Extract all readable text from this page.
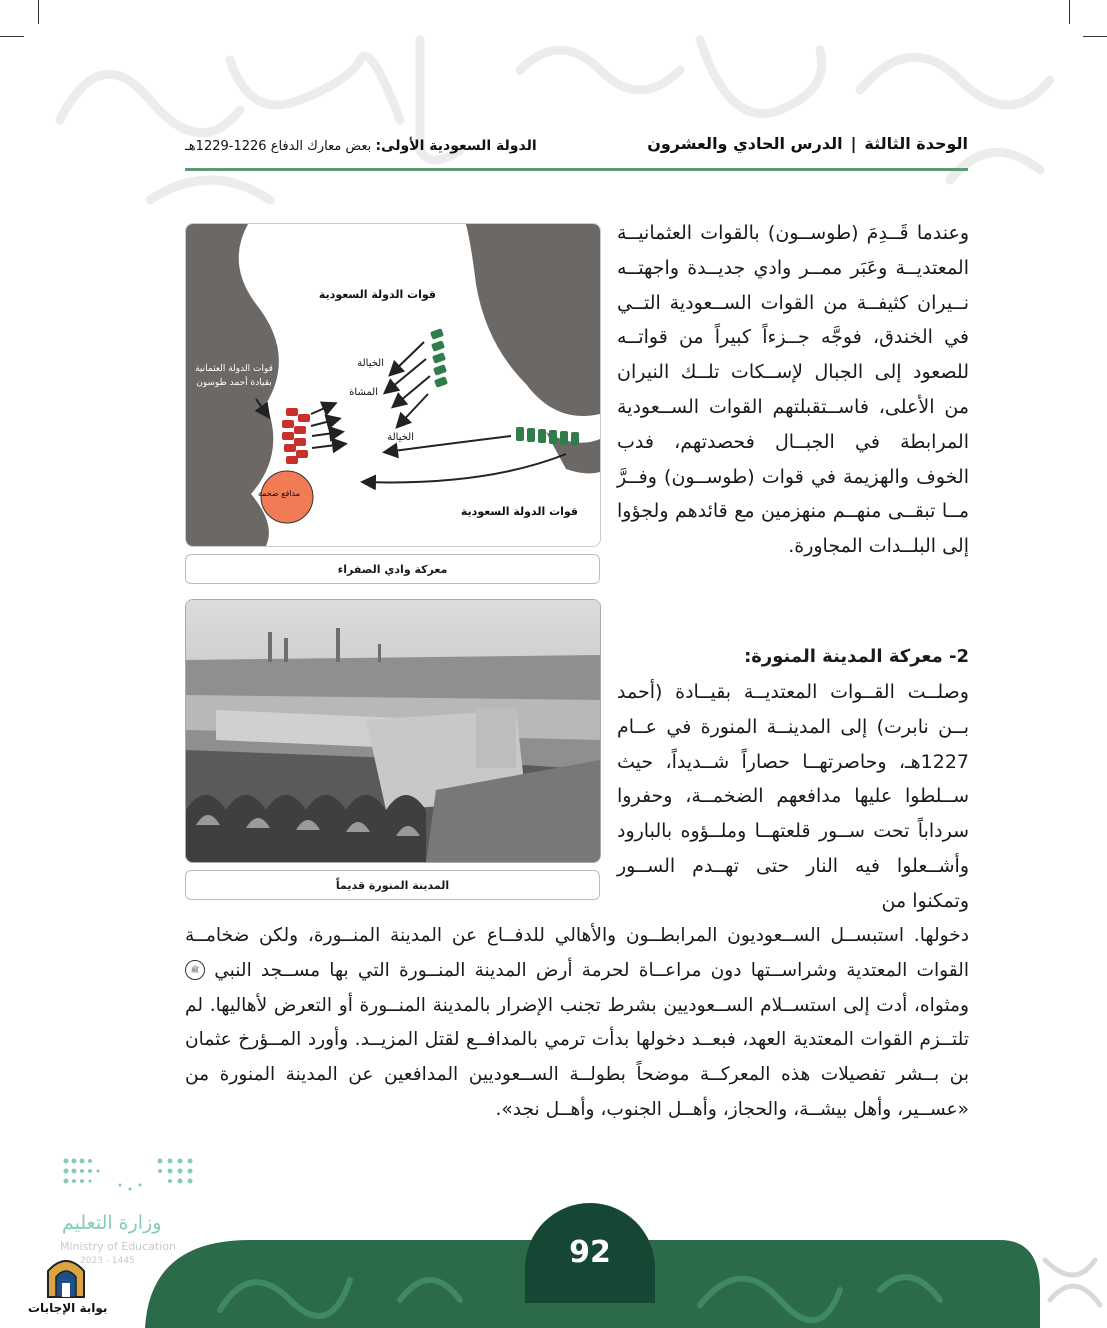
الوحدة الثالثة|الدرس الحادي والعشرون
الدولة السعودية الأولى: بعض معارك الدفاع 1226-1229هـ
قوات الدولة السعودية
الخيالة
المشاة
الخيالة
مدافع ضخمة
قوات الدولة السعودية
قوات الدولة العثمانية بقيادة أحمد طوسون
معركة وادي الصفراء
المدينة المنورة قديماً
وعندما قَــدِمَ (طوســون) بالقوات العثمانيــة المعتديــة وعَبَر ممــر وادي جديــدة واجهتــه نــيران كثيفــة من القوات الســعودية التــي في الخندق، فوجَّه جــزءاً كبيراً من قواتــه للصعود إلى الجبال لإســكات تلــك النيران من الأعلى، فاســتقبلتهم القوات الســعودية المرابطة في الجبــال فحصدتهم، فدب الخوف والهزيمة في قوات (طوســون) وفــرَّ مــا تبقــى منهــم منهزمين مع قائدهم ولجؤوا إلى البلــدات المجاورة.
2- معركة المدينة المنورة:
وصلــت القــوات المعتديــة بقيــادة (أحمد بــن نابرت) إلى المدينــة المنورة في عــام 1227هـ، وحاصرتهــا حصاراً شــديداً، حيث ســلطوا عليها مدافعهم الضخمــة، وحفروا سرداباً تحت ســور قلعتهــا وملــؤوه بالبارود وأشــعلوا فيه النار حتى تهــدم الســور وتمكنوا من
دخولها. استبســل الســعوديون المرابطــون والأهالي للدفــاع عن المدينة المنــورة، ولكن ضخامــة القوات المعتدية وشراســتها دون مراعــاة لحرمة أرض المدينة المنــورة التي بها مســجد النبي ﷺ ومثواه، أدت إلى استســلام الســعوديين بشرط تجنب الإضرار بالمدينة المنــورة أو التعرض لأهاليها. لم تلتــزم القوات المعتدية العهد، فبعــد دخولها بدأت ترمي بالمدافــع لقتل المزيــد. وأورد المــؤرخ عثمان بن بــشر تفصيلات هذه المعركــة موضحاً بطولــة الســعوديين المدافعين عن المدينة المنورة من «عســير، وأهل بيشــة، والحجاز، وأهــل الجنوب، وأهــل نجد».
92
وزارة التعليم
Ministry of Education
2023 - 1445
بوابة الإجابات
